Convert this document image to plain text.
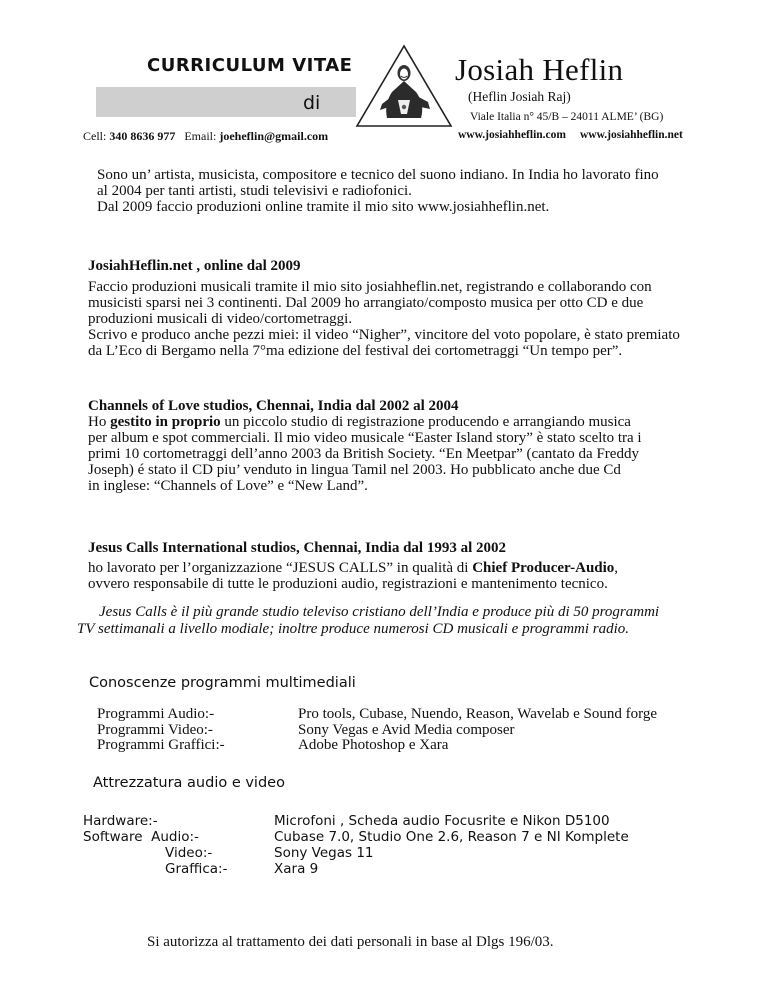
CURRICULUM VITAE
di
Josiah Heflin
(Heflin Josiah Raj)
Viale Italia n° 45/B – 24011 ALME’ (BG)
Cell: 340 8636 977 Email: joeheflin@gmail.com	www.josiahheflin.com www.josiahheflin.net
Sono un’ artista, musicista, compositore e tecnico del suono indiano. In India ho lavorato fino
al 2004 per tanti artisti, studi televisivi e radiofonici.
Dal 2009 faccio produzioni online tramite il mio sito www.josiahheflin.net.
JosiahHeflin.net , online dal 2009
Faccio produzioni musicali tramite il mio sito josiahheflin.net, registrando e collaborando con
musicisti sparsi nei 3 continenti. Dal 2009 ho arrangiato/composto musica per otto CD e due
produzioni musicali di video/cortometraggi.
Scrivo e produco anche pezzi miei: il video “Nigher”, vincitore del voto popolare, è stato premiato
da L’Eco di Bergamo nella 7°ma edizione del festival dei cortometraggi “Un tempo per”.
Channels of Love studios, Chennai, India dal 2002 al 2004
Ho gestito in proprio un piccolo studio di registrazione producendo e arrangiando musica
per album e spot commerciali. Il mio video musicale “Easter Island story” è stato scelto tra i
primi 10 cortometraggi dell’anno 2003 da British Society. “En Meetpar” (cantato da Freddy
Joseph) é stato il CD piu’ venduto in lingua Tamil nel 2003. Ho pubblicato anche due Cd
in inglese: “Channels of Love” e “New Land”.
Jesus Calls International studios, Chennai, India dal 1993 al 2002
ho lavorato per l’organizzazione “JESUS CALLS” in qualità di Chief Producer-Audio,
ovvero responsabile di tutte le produzioni audio, registrazioni e mantenimento tecnico.
Jesus Calls è il più grande studio televiso cristiano dell’India e produce più di 50 programmi
TV settimanali a livello modiale; inoltre produce numerosi CD musicali e programmi radio.
Conoscenze programmi multimediali
Programmi Audio:-
Programmi Video:-
Programmi Graffici:-
Pro tools, Cubase, Nuendo, Reason, Wavelab e Sound forge
Sony Vegas e Avid Media composer
Adobe Photoshop e Xara
Attrezzatura audio e video
Hardware:-
Software  Audio:-
Video:-
Graffica:-
Microfoni , Scheda audio Focusrite e Nikon D5100
Cubase 7.0, Studio One 2.6, Reason 7 e NI Komplete
Sony Vegas 11
Xara 9
Si autorizza al trattamento dei dati personali in base al Dlgs 196/03.
